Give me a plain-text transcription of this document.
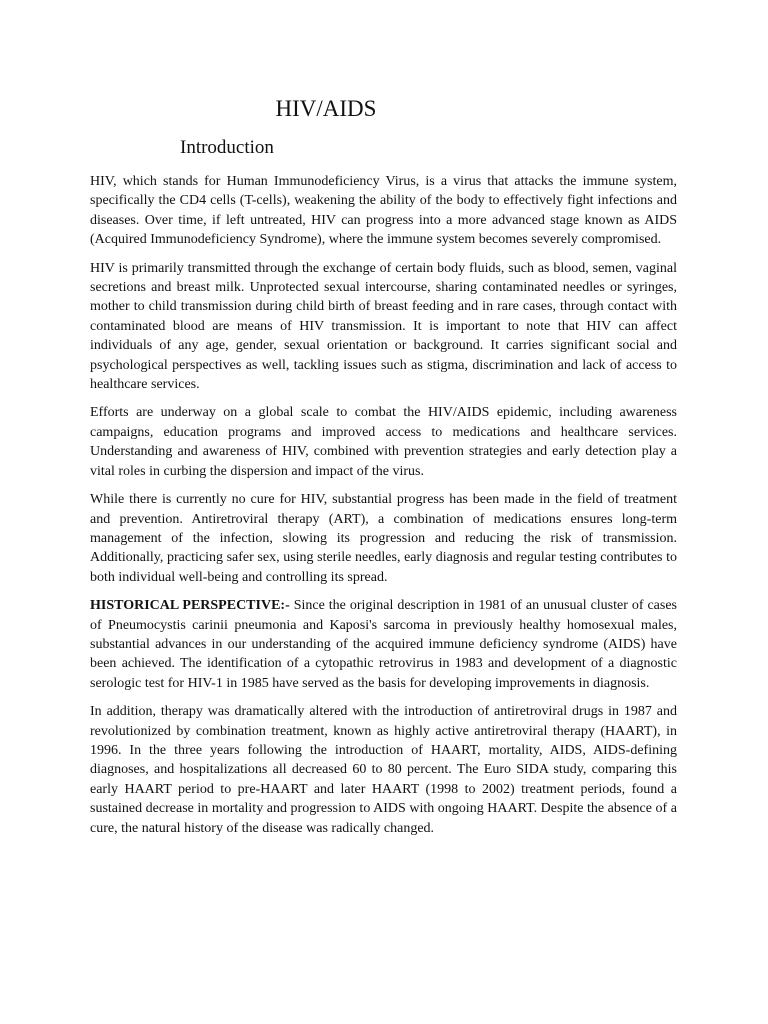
HIV/AIDS
Introduction

HIV, which stands for Human Immunodeficiency Virus, is a virus that attacks the immune system, specifically the CD4 cells (T-cells), weakening the ability of the body to effectively fight infections and diseases. Over time, if left untreated, HIV can progress into a more advanced stage known as AIDS (Acquired Immunodeficiency Syndrome), where the immune system becomes severely compromised.

HIV is primarily transmitted through the exchange of certain body fluids, such as blood, semen, vaginal secretions and breast milk. Unprotected sexual intercourse, sharing contaminated needles or syringes, mother to child transmission during child birth of breast feeding and in rare cases, through contact with contaminated blood are means of HIV transmission. It is important to note that HIV can affect individuals of any age, gender, sexual orientation or background. It carries significant social and psychological perspectives as well, tackling issues such as stigma, discrimination and lack of access to healthcare services.

Efforts are underway on a global scale to combat the HIV/AIDS epidemic, including awareness campaigns, education programs and improved access to medications and healthcare services. Understanding and awareness of HIV, combined with prevention strategies and early detection play a vital roles in curbing the dispersion and impact of the virus.

While there is currently no cure for HIV, substantial progress has been made in the field of treatment and prevention. Antiretroviral therapy (ART), a combination of medications ensures long-term management of the infection, slowing its progression and reducing the risk of transmission. Additionally, practicing safer sex, using sterile needles, early diagnosis and regular testing contributes to both individual well-being and controlling its spread.

HISTORICAL PERSPECTIVE:- Since the original description in 1981 of an unusual cluster of cases of Pneumocystis carinii pneumonia and Kaposi's sarcoma in previously healthy homosexual males, substantial advances in our understanding of the acquired immune deficiency syndrome (AIDS) have been achieved. The identification of a cytopathic retrovirus in 1983 and development of a diagnostic serologic test for HIV-1 in 1985 have served as the basis for developing improvements in diagnosis.

In addition, therapy was dramatically altered with the introduction of antiretroviral drugs in 1987 and revolutionized by combination treatment, known as highly active antiretroviral therapy (HAART), in 1996. In the three years following the introduction of HAART, mortality, AIDS, AIDS-defining diagnoses, and hospitalizations all decreased 60 to 80 percent. The Euro SIDA study, comparing this early HAART period to pre-HAART and later HAART (1998 to 2002) treatment periods, found a sustained decrease in mortality and progression to AIDS with ongoing HAART. Despite the absence of a cure, the natural history of the disease was radically changed.
